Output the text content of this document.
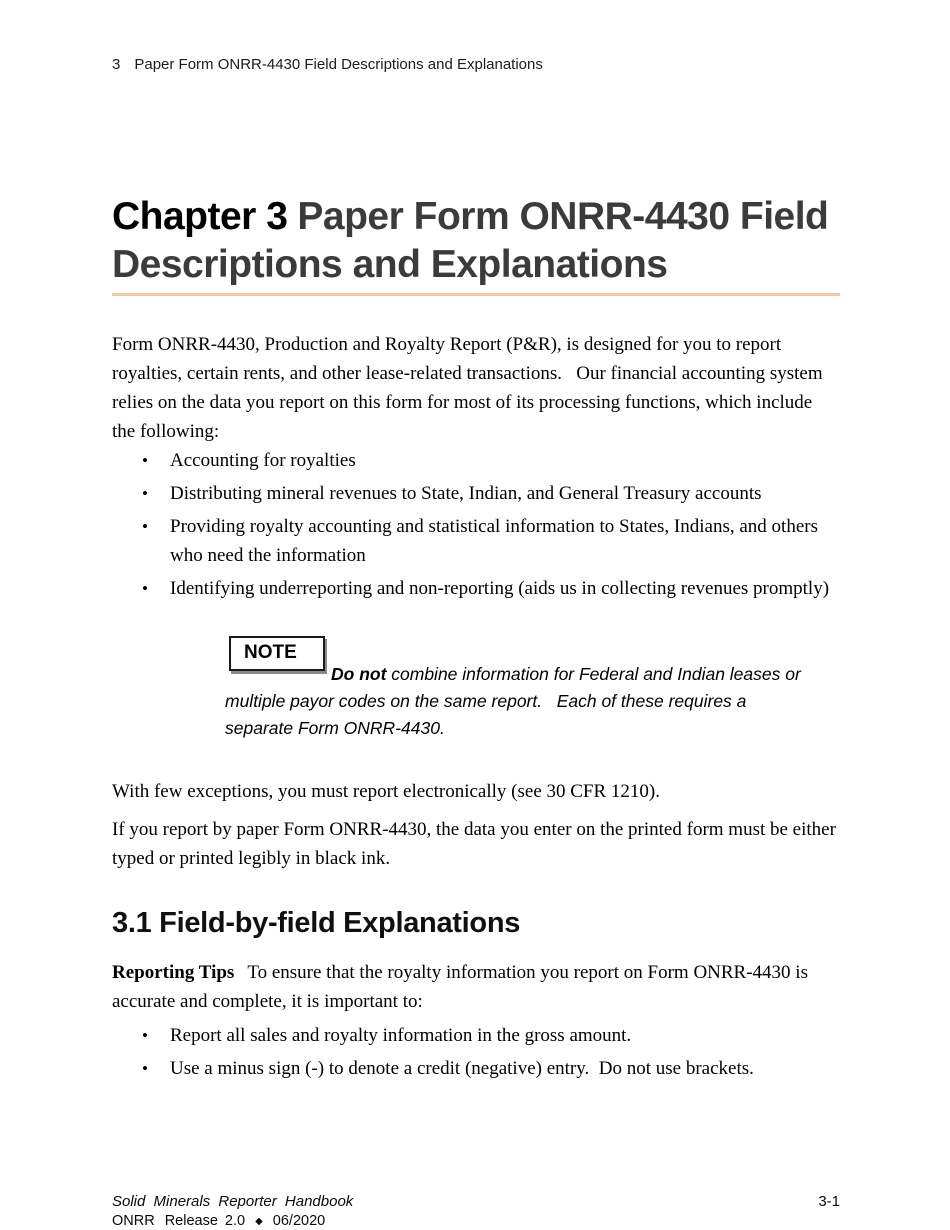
3 Paper Form ONRR-4430 Field Descriptions and Explanations
Chapter 3 Paper Form ONRR-4430 Field Descriptions and Explanations

Form ONRR-4430, Production and Royalty Report (P&R), is designed for you to report royalties, certain rents, and other lease-related transactions.   Our financial accounting system relies on the data you report on this form for most of its processing functions, which include the following:

•	Accounting for royalties
•	Distributing mineral revenues to State, Indian, and General Treasury accounts
•	Providing royalty accounting and statistical information to States, Indians, and others who need the information
•	Identifying underreporting and non-reporting (aids us in collecting revenues promptly)
NOTE

Do not combine information for Federal and Indian leases or multiple payor codes on the same report.   Each of these requires a separate Form ONRR-4430.

With few exceptions, you must report electronically (see 30 CFR 1210).

If you report by paper Form ONRR-4430, the data you enter on the printed form must be either typed or printed legibly in black ink.

3.1 Field-by-field Explanations

Reporting Tips To ensure that the royalty information you report on Form ONRR-4430 is accurate and complete, it is important to:

•	Report all sales and royalty information in the gross amount.
•	Use a minus sign (-) to denote a credit (negative) entry.  Do not use brackets.
Solid Minerals Reporter Handbook
ONRR Release 2.0 ◆ 06/2020
3-1
